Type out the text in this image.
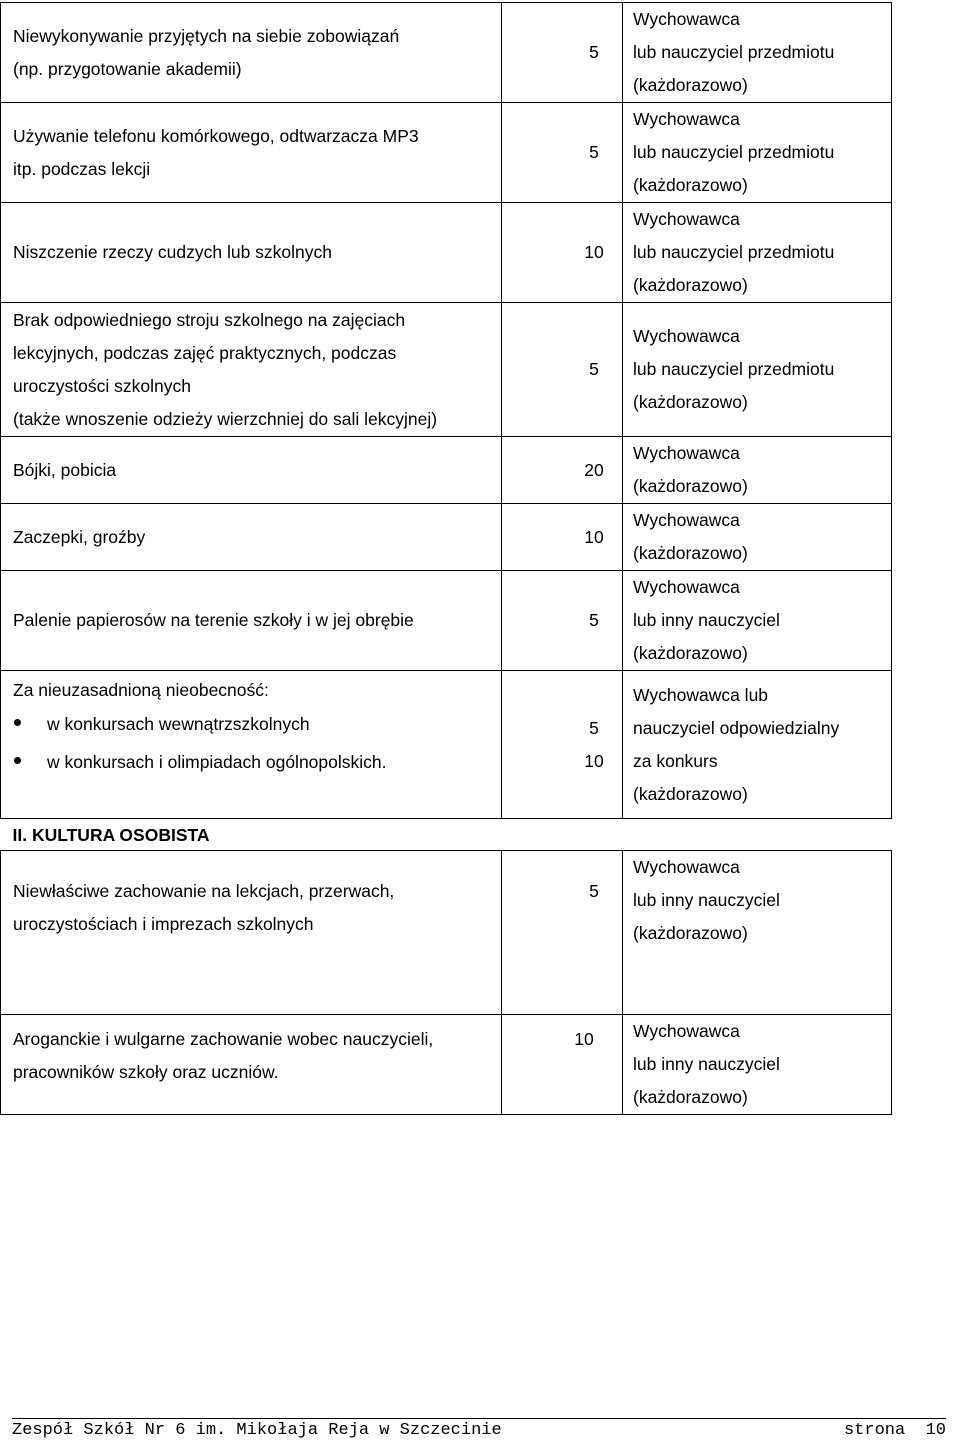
Niewykonywanie przyjętych na siebie zobowiązań
(np. przygotowanie akademii)	5	Wychowawca
lub nauczyciel przedmiotu
(każdorazowo)

Używanie telefonu komórkowego, odtwarzacza MP3
itp. podczas lekcji	5	Wychowawca
lub nauczyciel przedmiotu
(każdorazowo)

Niszczenie rzeczy cudzych lub szkolnych	10	Wychowawca
lub nauczyciel przedmiotu
(każdorazowo)

Brak odpowiedniego stroju szkolnego na zajęciach
lekcyjnych, podczas zajęć praktycznych, podczas
uroczystości szkolnych
(także wnoszenie odzieży wierzchniej do sali lekcyjnej)	5	Wychowawca
lub nauczyciel przedmiotu
(każdorazowo)

Bójki, pobicia	20	Wychowawca
(każdorazowo)

Zaczepki, groźby	10	Wychowawca
(każdorazowo)

Palenie papierosów na terenie szkoły i w jej obrębie	5	Wychowawca
lub inny nauczyciel
(każdorazowo)

Za nieuzasadnioną nieobecność:
w konkursach wewnątrzszkolnych
w konkursach i olimpiadach ogólnopolskich.	5
10	Wychowawca lub
nauczyciel odpowiedzialny
za konkurs
(każdorazowo)

II. KULTURA OSOBISTA		

Niewłaściwe zachowanie na lekcjach, przerwach,
uroczystościach i imprezach szkolnych	5	Wychowawca
lub inny nauczyciel
(każdorazowo)

Aroganckie i wulgarne zachowanie wobec nauczycieli,
pracowników szkoły oraz uczniów.	10	Wychowawca
lub inny nauczyciel
(każdorazowo)
Zespół Szkół Nr 6 im. Mikołaja Reja w Szczecinie	strona 10
